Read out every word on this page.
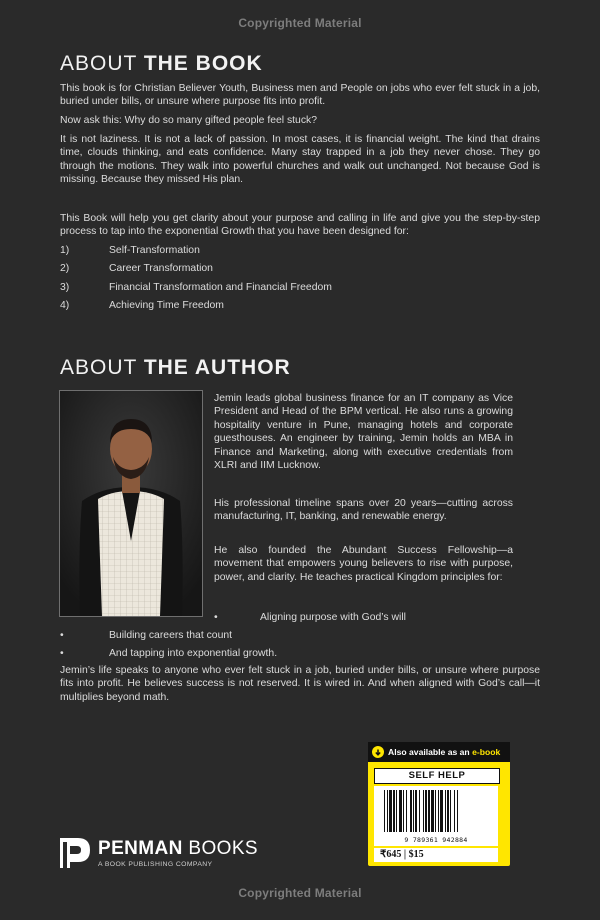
Copyrighted Material
ABOUT THE BOOK

This book is for Christian Believer Youth, Business men and People on jobs who ever felt stuck in a job, buried under bills, or unsure where purpose fits into profit.

Now ask this: Why do so many gifted people feel stuck?

It is not laziness. It is not a lack of passion. In most cases, it is financial weight. The kind that drains time, clouds thinking, and eats confidence. Many stay trapped in a job they never chose. They go through the motions. They walk into powerful churches and walk out unchanged. Not because God is missing. Because they missed His plan.

This Book will help you get clarity about your purpose and calling in life and give you the step-by-step process to tap into the exponential Growth that you have been designed for:

1)	Self-Transformation
2)	Career Transformation
3)	Financial Transformation and Financial Freedom
4)	Achieving Time Freedom
ABOUT THE AUTHOR

Jemin leads global business finance for an IT company as Vice President and Head of the BPM vertical. He also runs a growing hospitality venture in Pune, managing hotels and corporate guesthouses. An engineer by training, Jemin holds an MBA in Finance and Marketing, along with executive credentials from XLRI and IIM Lucknow.

His professional timeline spans over 20 years—cutting across manufacturing, IT, banking, and renewable energy.

He also founded the Abundant Success Fellowship—a movement that empowers young believers to rise with purpose, power, and clarity. He teaches practical Kingdom principles for:

•	Aligning purpose with God’s will
•	Building careers that count
•	And tapping into exponential growth.

Jemin’s life speaks to anyone who ever felt stuck in a job, buried under bills, or unsure where purpose fits into profit. He believes success is not reserved. It is wired in. And when aligned with God’s call—it multiplies beyond math.

Also available as an e-book
SELF HELP
9 789361 942884
₹645 | $15
PENMAN BOOKS
A BOOK PUBLISHING COMPANY
Copyrighted Material
